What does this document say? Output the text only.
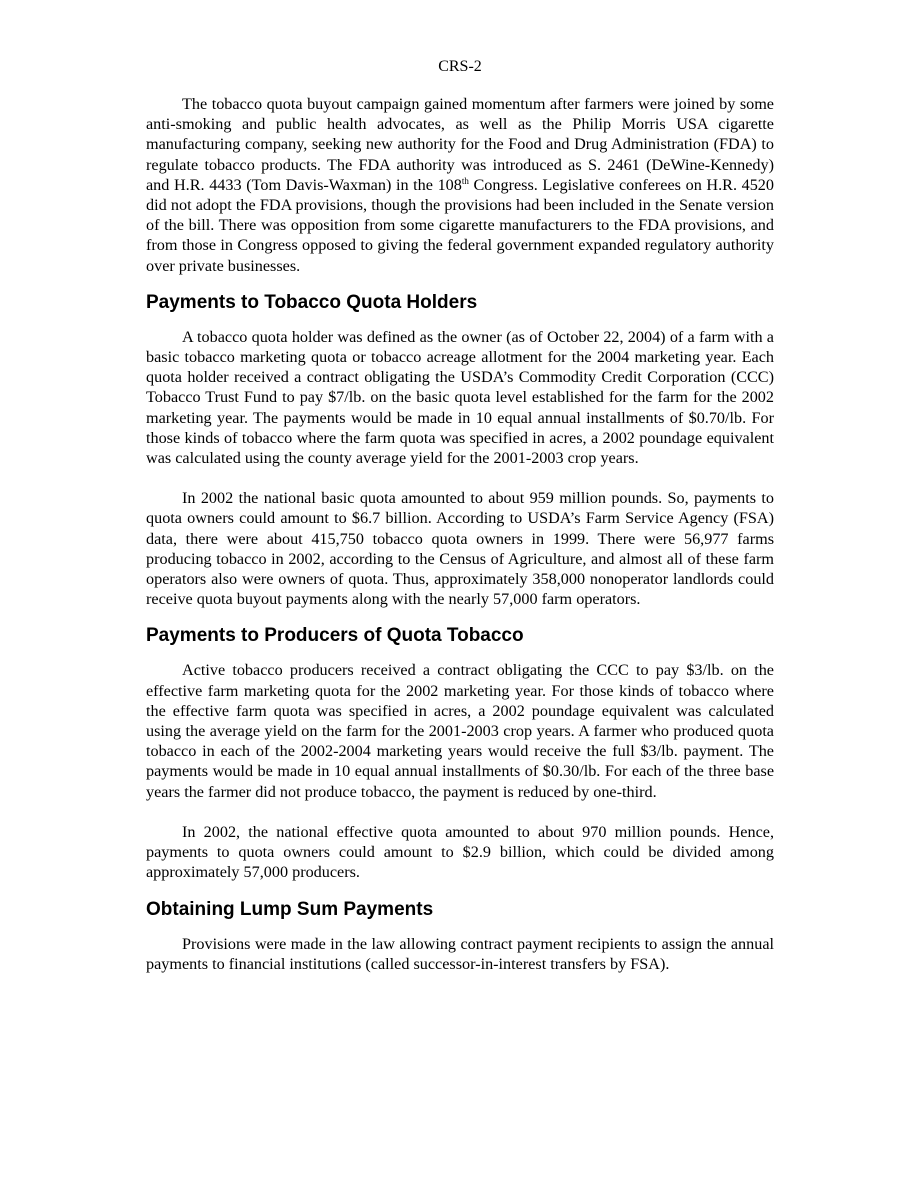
CRS-2

The tobacco quota buyout campaign gained momentum after farmers were joined by some anti-smoking and public health advocates, as well as the Philip Morris USA cigarette manufacturing company, seeking new authority for the Food and Drug Administration (FDA) to regulate tobacco products. The FDA authority was introduced as S. 2461 (DeWine-Kennedy) and H.R. 4433 (Tom Davis-Waxman) in the 108th Congress. Legislative conferees on H.R. 4520 did not adopt the FDA provisions, though the provisions had been included in the Senate version of the bill. There was opposition from some cigarette manufacturers to the FDA provisions, and from those in Congress opposed to giving the federal government expanded regulatory authority over private businesses.

Payments to Tobacco Quota Holders

A tobacco quota holder was defined as the owner (as of October 22, 2004) of a farm with a basic tobacco marketing quota or tobacco acreage allotment for the 2004 marketing year. Each quota holder received a contract obligating the USDA’s Commodity Credit Corporation (CCC) Tobacco Trust Fund to pay $7/lb. on the basic quota level established for the farm for the 2002 marketing year. The payments would be made in 10 equal annual installments of $0.70/lb. For those kinds of tobacco where the farm quota was specified in acres, a 2002 poundage equivalent was calculated using the county average yield for the 2001-2003 crop years.

In 2002 the national basic quota amounted to about 959 million pounds. So, payments to quota owners could amount to $6.7 billion. According to USDA’s Farm Service Agency (FSA) data, there were about 415,750 tobacco quota owners in 1999. There were 56,977 farms producing tobacco in 2002, according to the Census of Agriculture, and almost all of these farm operators also were owners of quota. Thus, approximately 358,000 nonoperator landlords could receive quota buyout payments along with the nearly 57,000 farm operators.

Payments to Producers of Quota Tobacco

Active tobacco producers received a contract obligating the CCC to pay $3/lb. on the effective farm marketing quota for the 2002 marketing year. For those kinds of tobacco where the effective farm quota was specified in acres, a 2002 poundage equivalent was calculated using the average yield on the farm for the 2001-2003 crop years. A farmer who produced quota tobacco in each of the 2002-2004 marketing years would receive the full $3/lb. payment. The payments would be made in 10 equal annual installments of $0.30/lb. For each of the three base years the farmer did not produce tobacco, the payment is reduced by one-third.

In 2002, the national effective quota amounted to about 970 million pounds. Hence, payments to quota owners could amount to $2.9 billion, which could be divided among approximately 57,000 producers.

Obtaining Lump Sum Payments

Provisions were made in the law allowing contract payment recipients to assign the annual payments to financial institutions (called successor-in-interest transfers by FSA).
